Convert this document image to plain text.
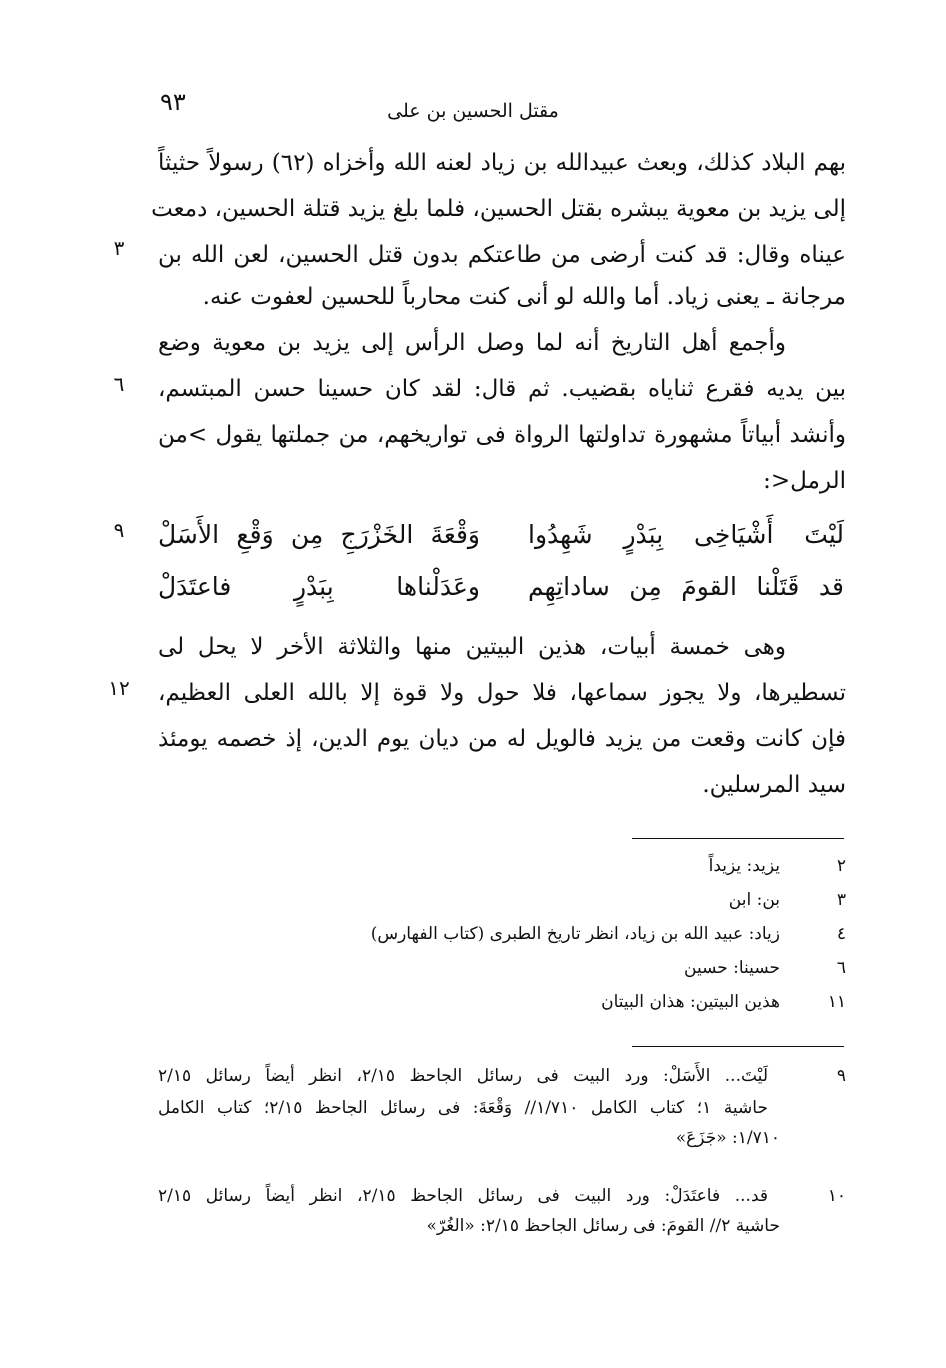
٩٣	مقتل الحسين بن على
بهم البلاد كذلك، وبعث عبيدالله بن زياد لعنه الله وأخزاه (٦٢) رسولاً حثيثاً
إلى يزيد بن معوية يبشره بقتل الحسين، فلما بلغ يزيد قتلة الحسين، دمعت
عيناه وقال: قد كنت أرضى من طاعتكم بدون قتل الحسين، لعن الله بن
مرجانة ـ يعنى زياد. أما والله لو أنى كنت محارباً للحسين لعفوت عنه.
وأجمع أهل التاريخ أنه لما وصل الرأس إلى يزيد بن معوية وضع
بين يديه فقرع ثناياه بقضيب. ثم قال: لقد كان حسينا حسن المبتسم،
وأنشد أبياتاً مشهورة تداولتها الرواة فى تواريخهم، من جملتها يقول >من
الرمل<:
لَيْتَ أَشْيَاخِى بِبَدْرٍ شَهِدُوا
وَقْعَةَ الخَزْرَجِ مِن وَقْعِ الأَسَلْ
قد قَتَلْنا القومَ مِن ساداتِهِم
وعَدَلْناها بِبَدْرٍ فاعتَدَلْ
وهى خمسة أبيات، هذين البيتين منها والثلاثة الأخر لا يحل لى
تسطيرها، ولا يجوز سماعها، فلا حول ولا قوة إلا بالله العلى العظيم،
فإن كانت وقعت من يزيد فالويل له من ديان يوم الدين، إذ خصمه يومئذ
سيد المرسلين.
٣
٦
٩
١٢
٢
يزيد: يزيداً
٣
بن: ابن
٤
زياد: عبيد الله بن زياد، انظر تاريخ الطبرى (كتاب الفهارس)
٦
حسينا: حسين
١١
هذين البيتين: هذان البيتان
٩
لَيْتَ... الأَسَلْ: ورد البيت فى رسائل الجاحظ ٢/١٥، انظر أيضاً رسائل ٢/١٥
حاشية ١؛ كتاب الكامل ١/٧١٠// وَقْعَةَ: فى رسائل الجاحظ ٢/١٥؛ كتاب الكامل
١/٧١٠: «جَزَعَ»
١٠
قد... فاعتَدَلْ: ورد البيت فى رسائل الجاحظ ٢/١٥، انظر أيضاً رسائل ٢/١٥
حاشية ٢// القومَ: فى رسائل الجاحظ ٢/١٥: «الغُرّ»
